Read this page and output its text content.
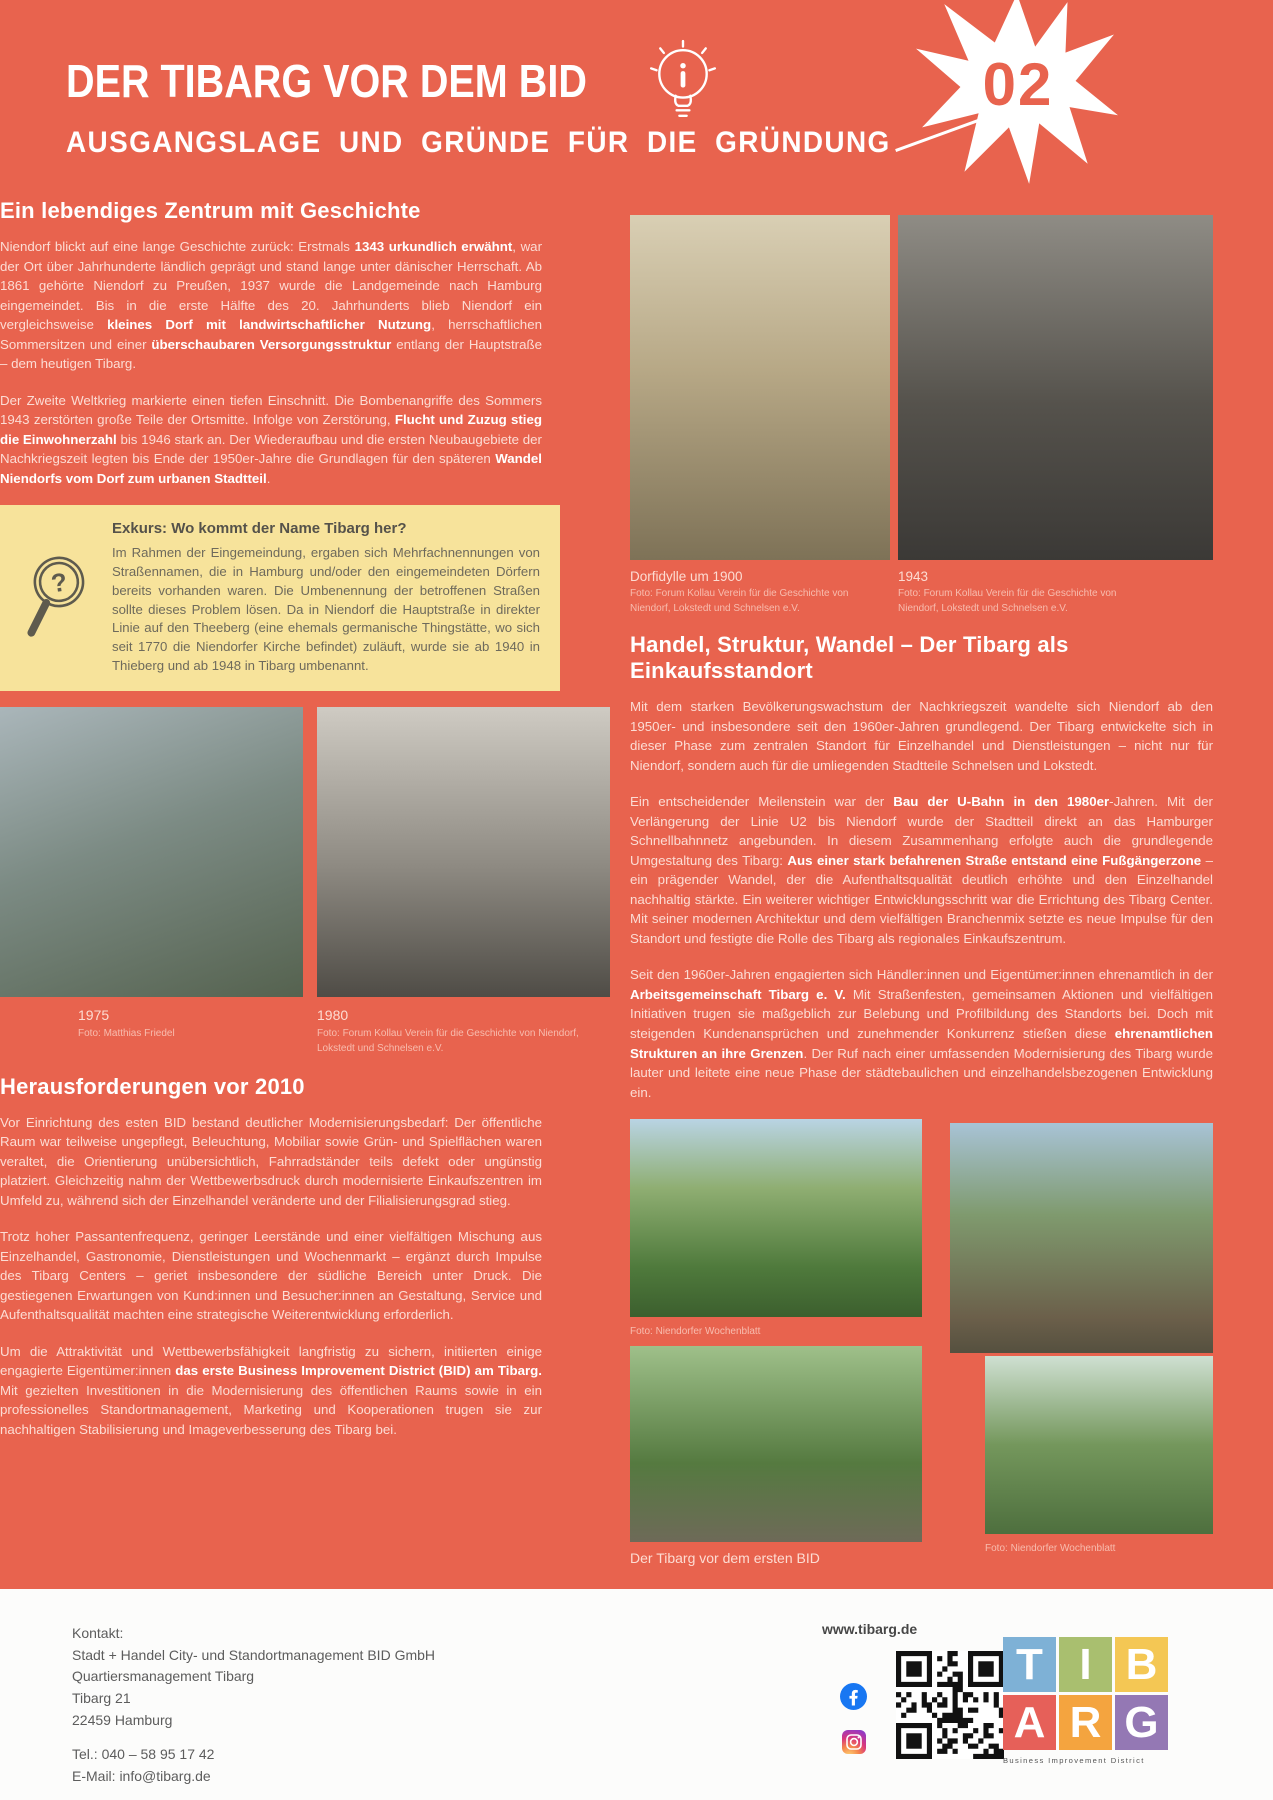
DER TIBARG VOR DEM BID
AUSGANGSLAGE UND GRÜNDE FÜR DIE GRÜNDUNG
02
Ein lebendiges Zentrum mit Geschichte

Niendorf blickt auf eine lange Geschichte zurück: Erstmals 1343 urkundlich erwähnt, war der Ort über Jahrhunderte ländlich geprägt und stand lange unter dänischer Herrschaft. Ab 1861 gehörte Niendorf zu Preußen, 1937 wurde die Landgemeinde nach Hamburg eingemeindet. Bis in die erste Hälfte des 20. Jahrhunderts blieb Niendorf ein vergleichsweise kleines Dorf mit landwirtschaftlicher Nutzung, herrschaftlichen Sommersitzen und einer überschaubaren Versorgungsstruktur entlang der Hauptstraße – dem heutigen Tibarg.

Der Zweite Weltkrieg markierte einen tiefen Einschnitt. Die Bombenangriffe des Sommers 1943 zerstörten große Teile der Ortsmitte. Infolge von Zerstörung, Flucht und Zuzug stieg die Einwohnerzahl bis 1946 stark an. Der Wiederaufbau und die ersten Neubaugebiete der Nachkriegszeit legten bis Ende der 1950er-Jahre die Grundlagen für den späteren Wandel Niendorfs vom Dorf zum urbanen Stadtteil.

?
Exkurs: Wo kommt der Name Tibarg her?

Im Rahmen der Eingemeindung, ergaben sich Mehrfachnennungen von Straßennamen, die in Hamburg und/oder den eingemeindeten Dörfern bereits vorhanden waren. Die Umbenennung der betroffenen Straßen sollte dieses Problem lösen. Da in Niendorf die Hauptstraße in direkter Linie auf den Theeberg (eine ehemals germanische Thingstätte, wo sich seit 1770 die Niendorfer Kirche befindet) zuläuft, wurde sie ab 1940 in Thieberg und ab 1948 in Tibarg umbenannt.

1975
Foto: Matthias Friedel
1980
Foto: Forum Kollau Verein für die Geschichte von Niendorf, Lokstedt und Schnelsen e.V.
Herausforderungen vor 2010

Vor Einrichtung des esten BID bestand deutlicher Modernisierungsbedarf: Der öffentliche Raum war teilweise ungepflegt, Beleuchtung, Mobiliar sowie Grün- und Spielflächen waren veraltet, die Orientierung unübersichtlich, Fahrradständer teils defekt oder ungünstig platziert. Gleichzeitig nahm der Wettbewerbsdruck durch modernisierte Einkaufszentren im Umfeld zu, während sich der Einzelhandel veränderte und der Filialisierungsgrad stieg.

Trotz hoher Passantenfrequenz, geringer Leerstände und einer vielfältigen Mischung aus Einzelhandel, Gastronomie, Dienstleistungen und Wochenmarkt – ergänzt durch Impulse des Tibarg Centers – geriet insbesondere der südliche Bereich unter Druck. Die gestiegenen Erwartungen von Kund:innen und Besucher:innen an Gestaltung, Service und Aufenthaltsqualität machten eine strategische Weiterentwicklung erforderlich.

Um die Attraktivität und Wettbewerbsfähigkeit langfristig zu sichern, initiierten einige engagierte Eigentümer:innen das erste Business Improvement District (BID) am Tibarg. Mit gezielten Investitionen in die Modernisierung des öffentlichen Raums sowie in ein professionelles Standortmanagement, Marketing und Kooperationen trugen sie zur nachhaltigen Stabilisierung und Imageverbesserung des Tibarg bei.

Dorfidylle um 1900
Foto: Forum Kollau Verein für die Geschichte von Niendorf, Lokstedt und Schnelsen e.V.
1943
Foto: Forum Kollau Verein für die Geschichte von Niendorf, Lokstedt und Schnelsen e.V.
Handel, Struktur, Wandel – Der Tibarg als Einkaufsstandort

Mit dem starken Bevölkerungswachstum der Nachkriegszeit wandelte sich Niendorf ab den 1950er- und insbesondere seit den 1960er-Jahren grundlegend. Der Tibarg entwickelte sich in dieser Phase zum zentralen Standort für Einzelhandel und Dienstleistungen – nicht nur für Niendorf, sondern auch für die umliegenden Stadtteile Schnelsen und Lokstedt.

Ein entscheidender Meilenstein war der Bau der U-Bahn in den 1980er-Jahren. Mit der Verlängerung der Linie U2 bis Niendorf wurde der Stadtteil direkt an das Hamburger Schnellbahnnetz angebunden. In diesem Zusammenhang erfolgte auch die grundlegende Umgestaltung des Tibarg: Aus einer stark befahrenen Straße entstand eine Fußgängerzone – ein prägender Wandel, der die Aufenthaltsqualität deutlich erhöhte und den Einzelhandel nachhaltig stärkte. Ein weiterer wichtiger Entwicklungsschritt war die Errichtung des Tibarg Center. Mit seiner modernen Architektur und dem vielfältigen Branchenmix setzte es neue Impulse für den Standort und festigte die Rolle des Tibarg als regionales Einkaufszentrum.

Seit den 1960er-Jahren engagierten sich Händler:innen und Eigentümer:innen ehrenamtlich in der Arbeitsgemeinschaft Tibarg e. V. Mit Straßenfesten, gemeinsamen Aktionen und vielfältigen Initiativen trugen sie maßgeblich zur Belebung und Profilbildung des Standorts bei. Doch mit steigenden Kundenansprüchen und zunehmender Konkurrenz stießen diese ehrenamtlichen Strukturen an ihre Grenzen. Der Ruf nach einer umfassenden Modernisierung des Tibarg wurde lauter und leitete eine neue Phase der städtebaulichen und einzelhandelsbezogenen Entwicklung ein.

Foto: Niendorfer Wochenblatt
Der Tibarg vor dem ersten BID
Foto: Niendorfer Wochenblatt
Kontakt:
Stadt + Handel City- und Standortmanagement BID GmbH
Quartiersmanagement Tibarg
Tibarg 21
22459 Hamburg
Tel.: 040 – 58 95 17 42
E-Mail: info@tibarg.de
www.tibarg.de
T I B
A R G
Business Improvement District
